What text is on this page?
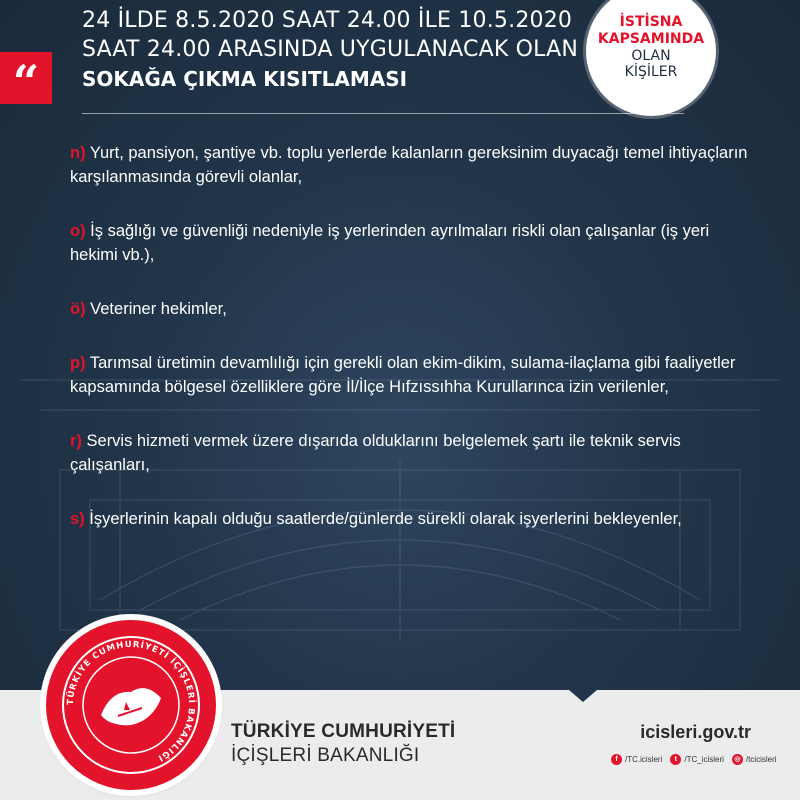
“
24 İLDE 8.5.2020 SAAT 24.00 İLE 10.5.2020
SAAT 24.00 ARASINDA UYGULANACAK OLAN
SOKAĞA ÇIKMA KISITLAMASI
İSTİSNA
KAPSAMINDA
OLAN
KİŞİLER
n) Yurt, pansiyon, şantiye vb. toplu yerlerde kalanların gereksinim duyacağı temel ihtiyaçların karşılanmasında görevli olanlar,
o) İş sağlığı ve güvenliği nedeniyle iş yerlerinden ayrılmaları riskli olan çalışanlar (iş yeri hekimi vb.),
ö) Veteriner hekimler,
p) Tarımsal üretimin devamlılığı için gerekli olan ekim-dikim, sulama-ilaçlama gibi faaliyetler kapsamında bölgesel özelliklere göre İl/İlçe Hıfzıssıhha Kurullarınca izin verilenler,
r) Servis hizmeti vermek üzere dışarıda olduklarını belgelemek şartı ile teknik servis çalışanları,
s) İşyerlerinin kapalı olduğu saatlerde/günlerde sürekli olarak işyerlerini bekleyenler,
TÜRKİYE CUMHURİYETİ İÇİŞLERİ BAKANLIĞI
TÜRKİYE CUMHURİYETİ
İÇİŞLERİ BAKANLIĞI
icisleri.gov.tr
f /TC.icisleri	t /TC_icisleri	◎ /tcicisleri
